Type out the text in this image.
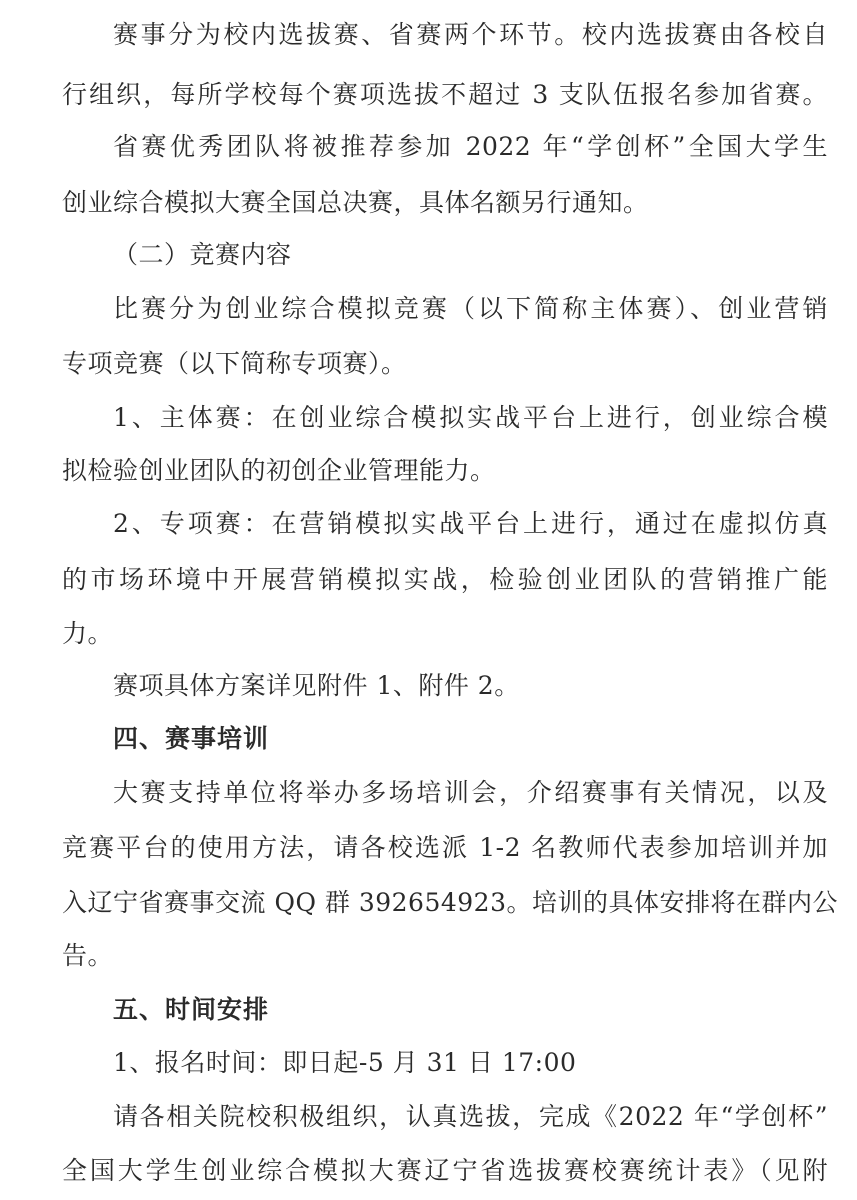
赛事分为校内选拔赛、省赛两个环节。校内选拔赛由各校自
行组织，每所学校每个赛项选拔不超过 3 支队伍报名参加省赛。
省赛优秀团队将被推荐参加 2022 年“学创杯”全国大学生
创业综合模拟大赛全国总决赛，具体名额另行通知。
（二）竞赛内容
比赛分为创业综合模拟竞赛（以下简称主体赛）、创业营销
专项竞赛（以下简称专项赛）。
1、主体赛：在创业综合模拟实战平台上进行，创业综合模
拟检验创业团队的初创企业管理能力。
2、专项赛：在营销模拟实战平台上进行，通过在虚拟仿真
的市场环境中开展营销模拟实战，检验创业团队的营销推广能
力。
赛项具体方案详见附件 1、附件 2。
四、赛事培训
大赛支持单位将举办多场培训会，介绍赛事有关情况，以及
竞赛平台的使用方法，请各校选派 1-2 名教师代表参加培训并加
入辽宁省赛事交流 QQ 群 392654923。培训的具体安排将在群内公
告。
五、时间安排
1、报名时间：即日起-5 月 31 日 17:00
请各相关院校积极组织，认真选拔，完成《2022 年“学创杯”
全国大学生创业综合模拟大赛辽宁省选拔赛校赛统计表》（见附
